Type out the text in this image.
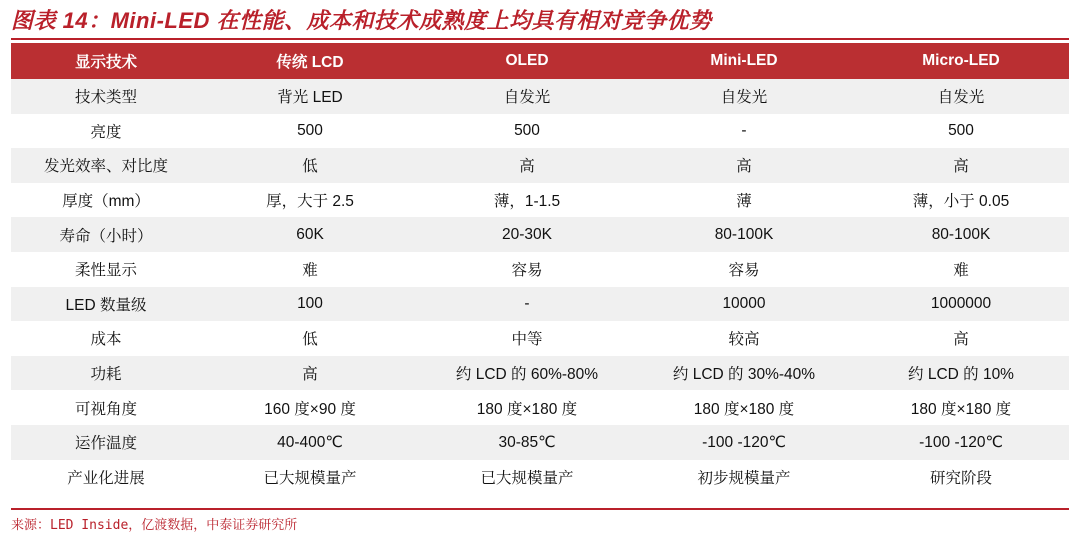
图表 14：Mini-LED 在性能、成本和技术成熟度上均具有相对竞争优势
显示技术	传统 LCD	OLED	Mini-LED	Micro-LED
技术类型	背光 LED	自发光	自发光	自发光
亮度	500	500	-	500
发光效率、对比度	低	高	高	高
厚度（mm）	厚，大于 2.5	薄，1-1.5	薄	薄，小于 0.05
寿命（小时）	60K	20-30K	80-100K	80-100K
柔性显示	难	容易	容易	难
LED 数量级	100	-	10000	1000000
成本	低	中等	较高	高
功耗	高	约 LCD 的 60%-80%	约 LCD 的 30%-40%	约 LCD 的 10%
可视角度	160 度×90 度	180 度×180 度	180 度×180 度	180 度×180 度
运作温度	40-400℃	30-85℃	-100 -120℃	-100 -120℃
产业化进展	已大规模量产	已大规模量产	初步规模量产	研究阶段
来源：LED Inside，亿渡数据，中泰证券研究所
